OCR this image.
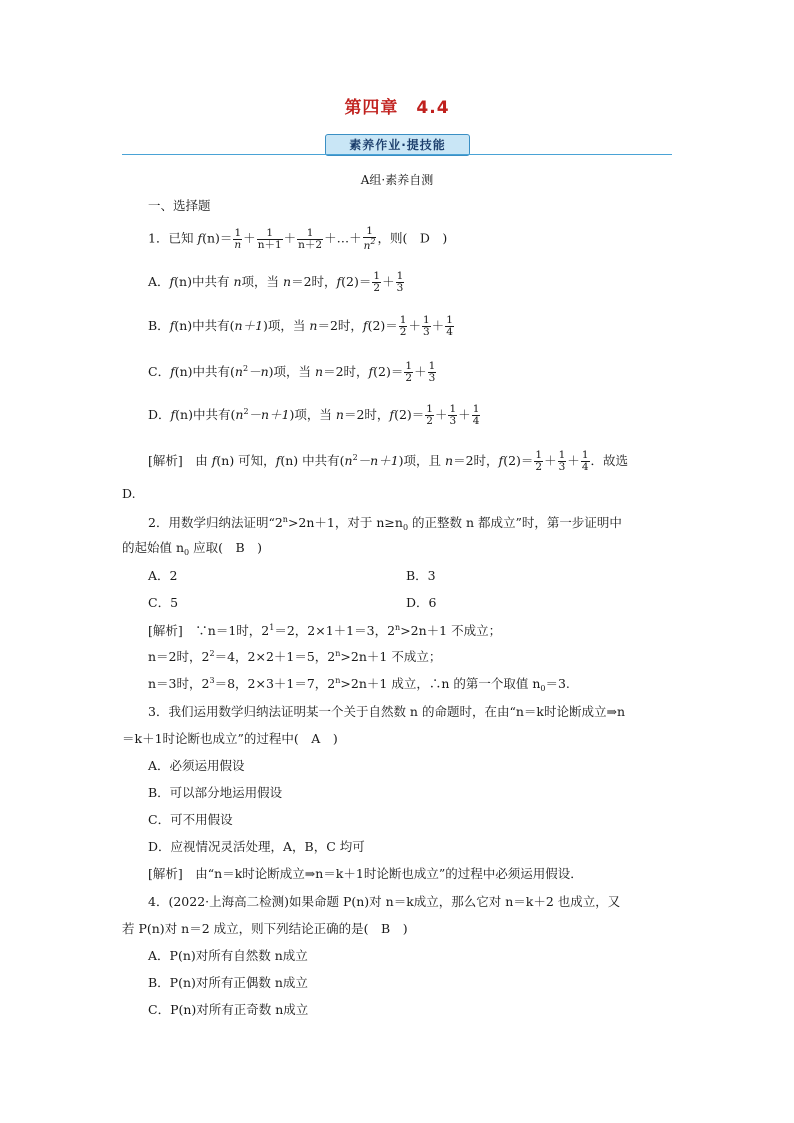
第四章　4.4
素养作业·提技能
A组·素养自测
一、选择题
1．已知 $f(n)= \frac{1}{n} + \frac{1}{n+1} + \frac{1}{n+2}$ ＋…＋ $\frac{1}{n^2}$ ，则(　D　)
A．f(n)中共有 n项，当 n＝2时，$f(2)= \frac{1}{2} + \frac{1}{3}$
B．f(n)中共有(n＋1)项，当 n＝2时，$f(2)= \frac{1}{2} + \frac{1}{3} + \frac{1}{4}$
C．f(n)中共有$(n^2-n)$项，当 n＝2时，$f(2)= \frac{1}{2} + \frac{1}{3}$
D．f(n)中共有$(n^2-n+1)$项，当 n＝2时，$f(2)= \frac{1}{2} + \frac{1}{3} + \frac{1}{4}$
[解析]　由 f(n) 可知，f(n) 中共有$(n^2-n+1)$项，且 n＝2时，$f(2)= \frac{1}{2} + \frac{1}{3} + \frac{1}{4}$ ．故选
D.
2．用数学归纳法证明“$2^n>2n+1$，对于 $n\ge n_0$ 的正整数 n 都成立”时，第一步证明中
的起始值 $n_0$ 应取(　B　)
A．2	B．3
C．5	D．6
[解析]　∵n＝1时，$2^1=2$，2×1＋1＝3，$2^n>2n+1$ 不成立；
n＝2时，$2^2=4$，2×2＋1＝5，$2^n>2n+1$ 不成立；
n＝3时，$2^3=8$，2×3＋1＝7，$2^n>2n+1$ 成立，∴n 的第一个取值 $n_0=3$.
3．我们运用数学归纳法证明某一个关于自然数 n 的命题时，在由“n＝k时论断成立⇒n
＝k＋1时论断也成立”的过程中(　A　)
A．必须运用假设
B．可以部分地运用假设
C．可不用假设
D．应视情况灵活处理，A，B，C 均可
[解析]　由“n＝k时论断成立⇒n＝k＋1时论断也成立”的过程中必须运用假设．
4．(2022·上海高二检测)如果命题 P(n)对 n＝k成立，那么它对 n＝k＋2 也成立，又
若 P(n)对 n＝2 成立，则下列结论正确的是(　B　)
A．P(n)对所有自然数 n成立
B．P(n)对所有正偶数 n成立
C．P(n)对所有正奇数 n成立
